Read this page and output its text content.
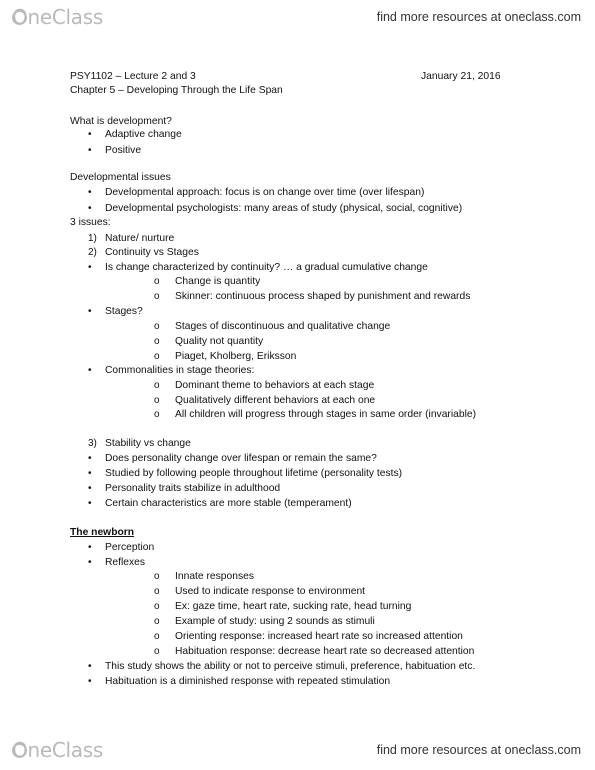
OneClass	find more resources at oneclass.com
PSY1102 – Lecture 2 and 3	January 21, 2016
Chapter 5 – Developing Through the Life Span
What is development?
• Adaptive change
• Positive
Developmental issues
• Developmental approach: focus is on change over time (over lifespan)
• Developmental psychologists: many areas of study (physical, social, cognitive)
3 issues:
1) Nature/ nurture
2) Continuity vs Stages
• Is change characterized by continuity? … a gradual cumulative change
o Change is quantity
o Skinner: continuous process shaped by punishment and rewards
• Stages?
o Stages of discontinuous and qualitative change
o Quality not quantity
o Piaget, Kholberg, Eriksson
• Commonalities in stage theories:
o Dominant theme to behaviors at each stage
o Qualitatively different behaviors at each one
o All children will progress through stages in same order (invariable)
3) Stability vs change
• Does personality change over lifespan or remain the same?
• Studied by following people throughout lifetime (personality tests)
• Personality traits stabilize in adulthood
• Certain characteristics are more stable (temperament)
The newborn
• Perception
• Reflexes
o Innate responses
o Used to indicate response to environment
o Ex: gaze time, heart rate, sucking rate, head turning
o Example of study: using 2 sounds as stimuli
o Orienting response: increased heart rate so increased attention
o Habituation response: decrease heart rate so decreased attention
• This study shows the ability or not to perceive stimuli, preference, habituation etc.
• Habituation is a diminished response with repeated stimulation
OneClass	find more resources at oneclass.com
